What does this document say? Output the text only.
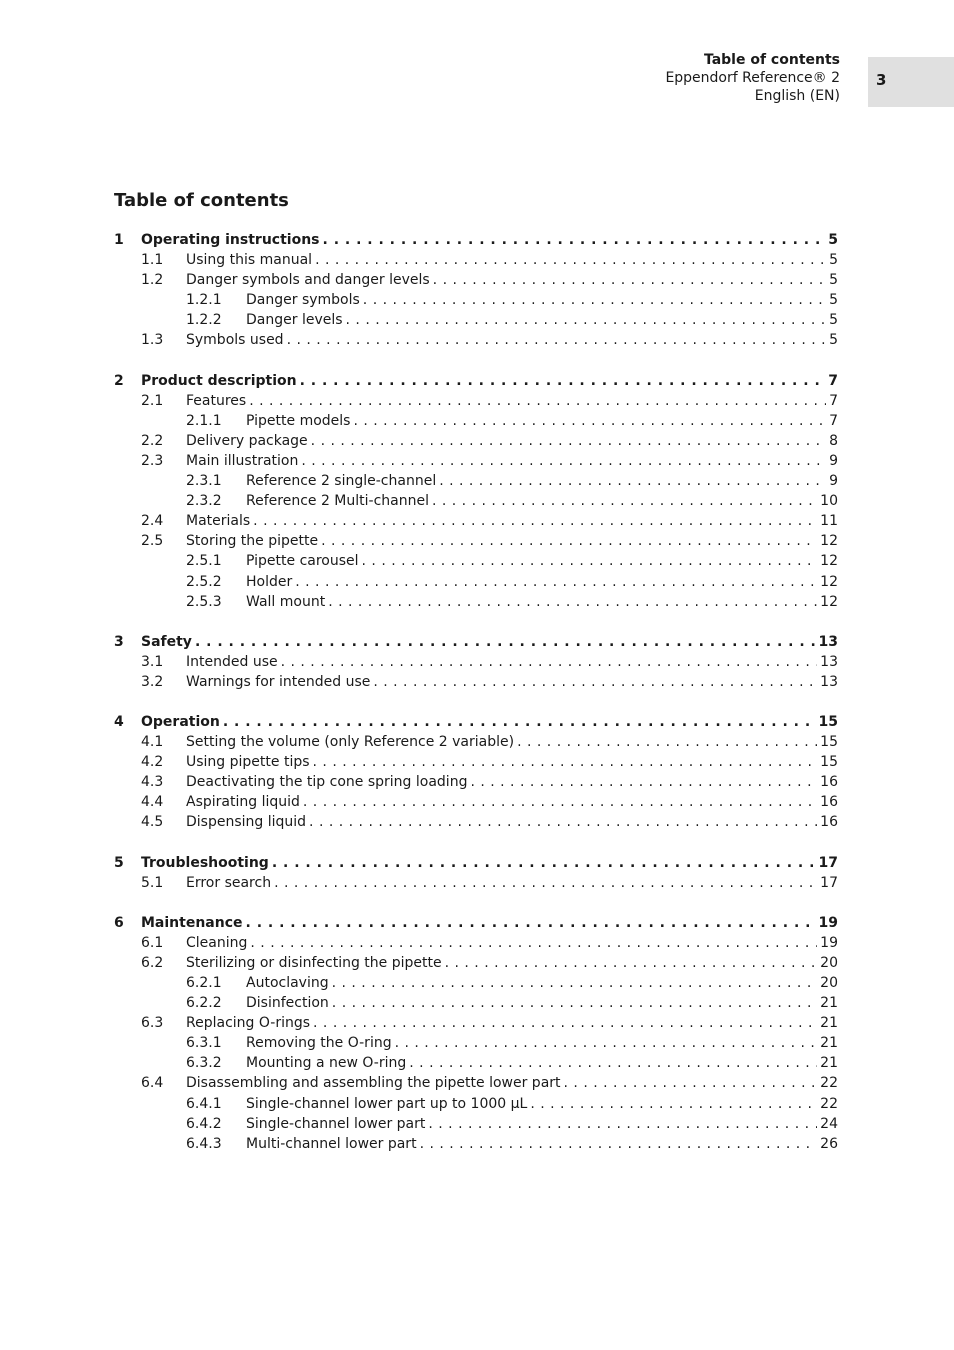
Table of contents
Eppendorf Reference® 2
English (EN)
3
Table of contents
1 Operating instructions . . .	5
1.1 Using this manual . . .	5
1.2 Danger symbols and danger levels . . .	5
1.2.1 Danger symbols . . .	5
1.2.2 Danger levels . . .	5
1.3 Symbols used . . .	5
2 Product description . . .	7
2.1 Features . . .	7
2.1.1 Pipette models . . .	7
2.2 Delivery package . . .	8
2.3 Main illustration . . .	9
2.3.1 Reference 2 single-channel . . .	9
2.3.2 Reference 2 Multi-channel . . .	10
2.4 Materials . . .	11
2.5 Storing the pipette . . .	12
2.5.1 Pipette carousel . . .	12
2.5.2 Holder . . .	12
2.5.3 Wall mount . . .	12
3 Safety . . .	13
3.1 Intended use . . .	13
3.2 Warnings for intended use . . .	13
4 Operation . . .	15
4.1 Setting the volume (only Reference 2 variable) . . .	15
4.2 Using pipette tips . . .	15
4.3 Deactivating the tip cone spring loading . . .	16
4.4 Aspirating liquid . . .	16
4.5 Dispensing liquid . . .	16
5 Troubleshooting . . .	17
5.1 Error search . . .	17
6 Maintenance . . .	19
6.1 Cleaning . . .	19
6.2 Sterilizing or disinfecting the pipette . . .	20
6.2.1 Autoclaving . . .	20
6.2.2 Disinfection . . .	21
6.3 Replacing O-rings . . .	21
6.3.1 Removing the O-ring . . .	21
6.3.2 Mounting a new O-ring . . .	21
6.4 Disassembling and assembling the pipette lower part . . .	22
6.4.1 Single-channel lower part up to 1000 µL . . .	22
6.4.2 Single-channel lower part . . .	24
6.4.3 Multi-channel lower part . . .	26
